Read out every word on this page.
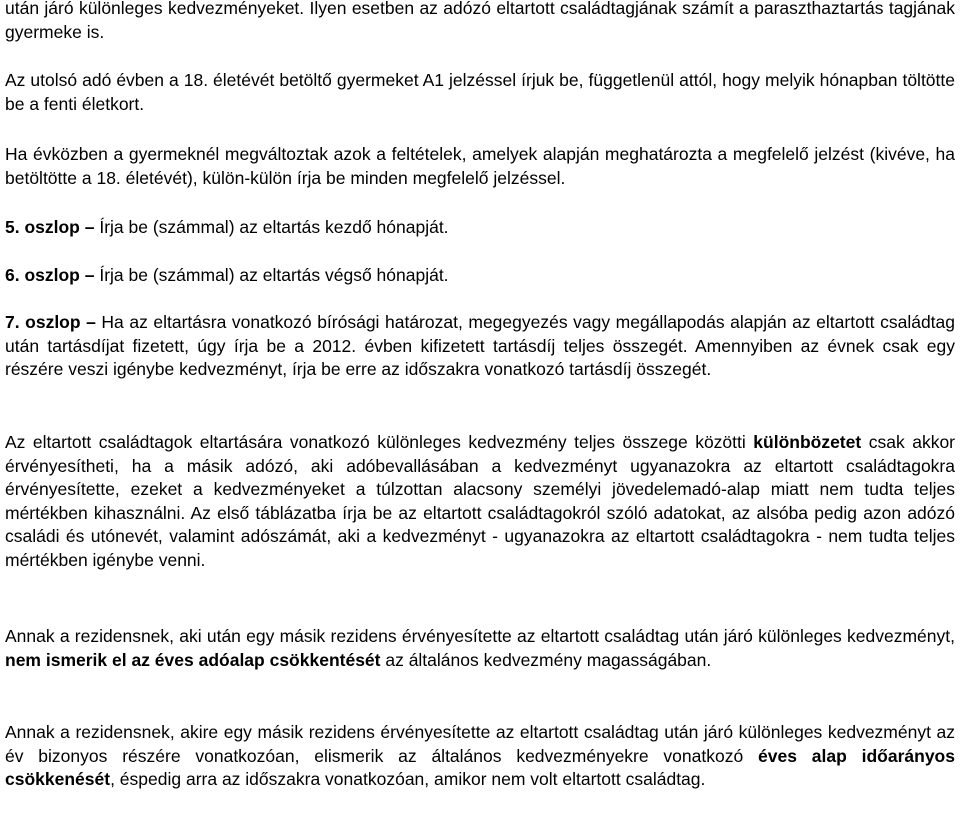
után járó különleges kedvezményeket. Ilyen esetben az adózó eltartott családtagjának számít a paraszthaztartás tagjának gyermeke is.

Az utolsó adó évben a 18. életévét betöltő gyermeket A1 jelzéssel írjuk be, függetlenül attól, hogy melyik hónapban töltötte be a fenti életkort.

Ha évközben a gyermeknél megváltoztak azok a feltételek, amelyek alapján meghatározta a megfelelő jelzést (kivéve, ha betöltötte a 18. életévét), külön-külön írja be minden megfelelő jelzéssel.

5. oszlop – Írja be (számmal) az eltartás kezdő hónapját.

6. oszlop – Írja be (számmal) az eltartás végső hónapját.

7. oszlop – Ha az eltartásra vonatkozó bírósági határozat, megegyezés vagy megállapodás alapján az eltartott családtag után tartásdíjat fizetett, úgy írja be a 2012. évben kifizetett tartásdíj teljes összegét. Amennyiben az évnek csak egy részére veszi igénybe kedvezményt, írja be erre az időszakra vonatkozó tartásdíj összegét.

Az eltartott családtagok eltartására vonatkozó különleges kedvezmény teljes összege közötti különbözetet csak akkor érvényesítheti, ha a másik adózó, aki adóbevallásában a kedvezményt ugyanazokra az eltartott családtagokra érvényesítette, ezeket a kedvezményeket a túlzottan alacsony személyi jövedelemadó-alap miatt nem tudta teljes mértékben kihasználni. Az első táblázatba írja be az eltartott családtagokról szóló adatokat, az alsóba pedig azon adózó családi és utónevét, valamint adószámát, aki a kedvezményt - ugyanazokra az eltartott családtagokra - nem tudta teljes mértékben igénybe venni.

Annak a rezidensnek, aki után egy másik rezidens érvényesítette az eltartott családtag után járó különleges kedvezményt, nem ismerik el az éves adóalap csökkentését az általános kedvezmény magasságában.

Annak a rezidensnek, akire egy másik rezidens érvényesítette az eltartott családtag után járó különleges kedvezményt az év bizonyos részére vonatkozóan, elismerik az általános kedvezményekre vonatkozó éves alap időarányos csökkenését, éspedig arra az időszakra vonatkozóan, amikor nem volt eltartott családtag.
